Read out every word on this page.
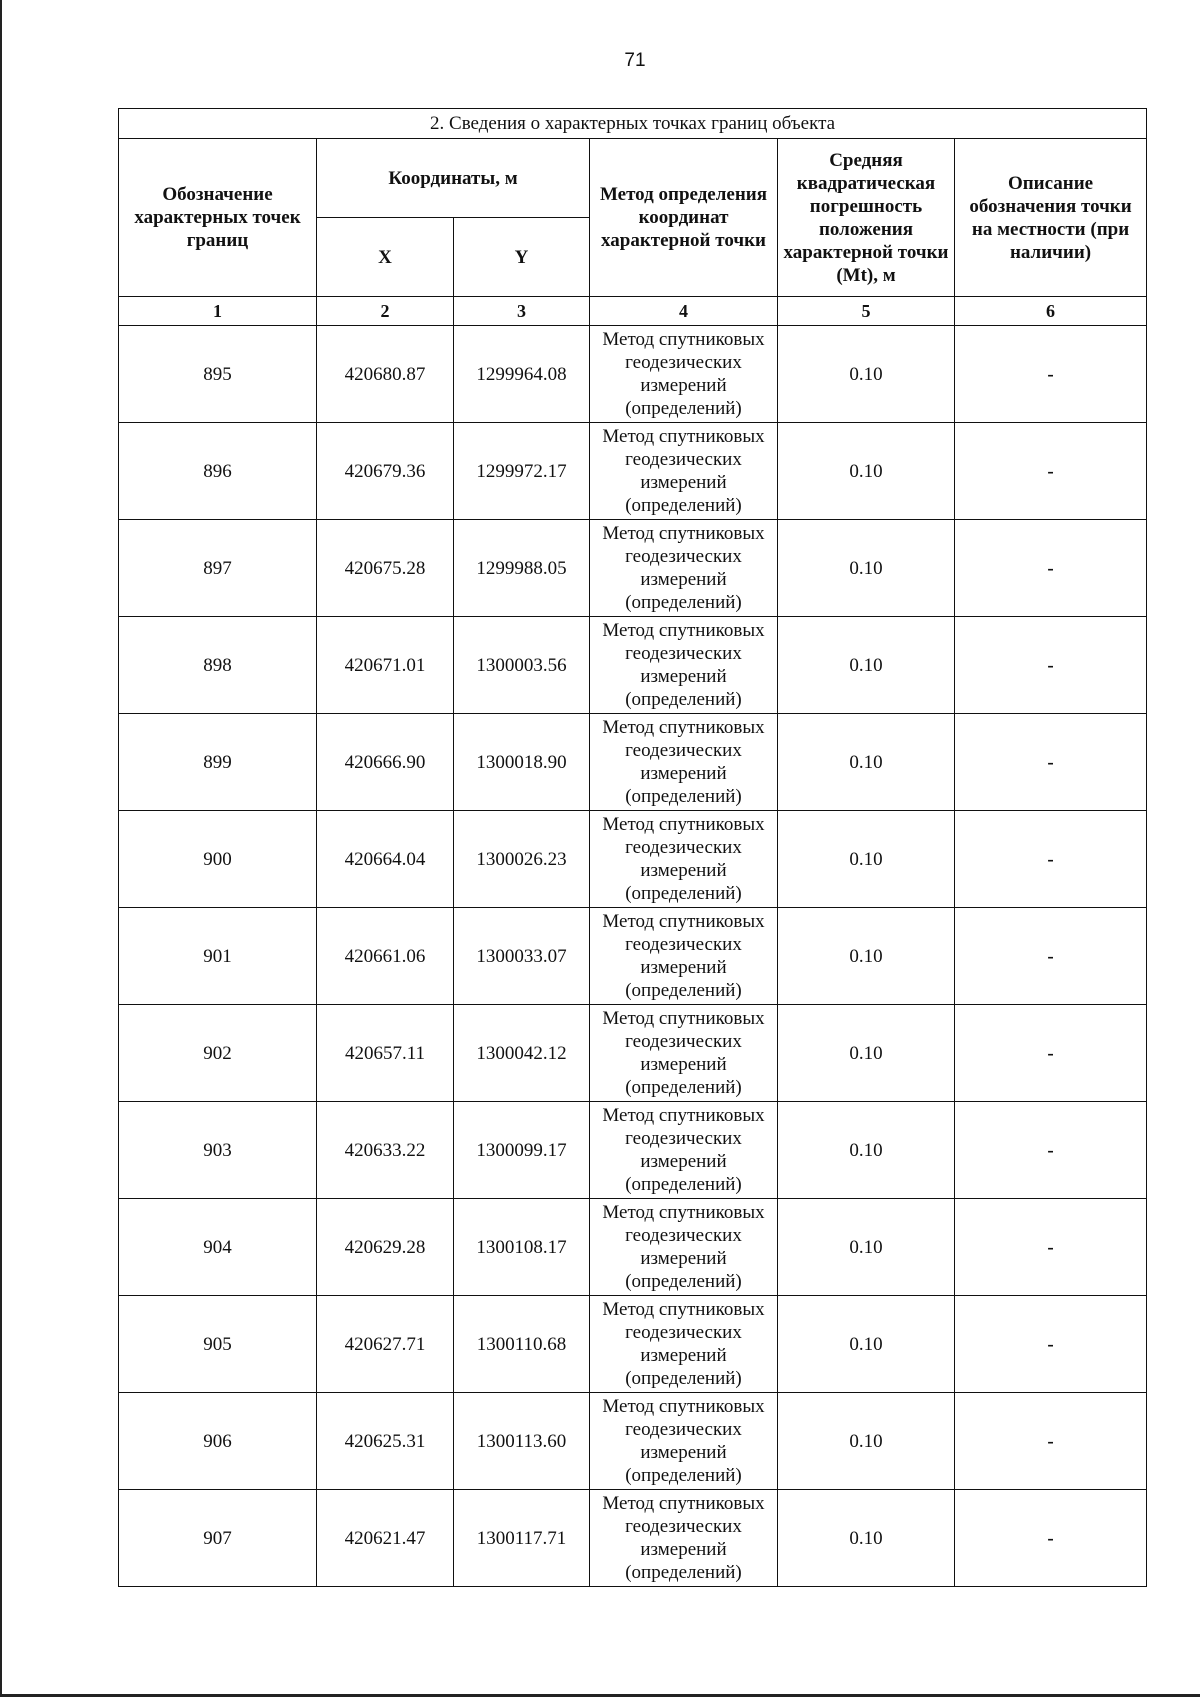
71
2. Сведения о характерных точках границ объекта					
Обозначение характерных точек границ	Координаты, м		Метод определения координат характерной точки	Средняя квадратическая погрешность положения характерной точки (Mt), м	Описание обозначения точки на местности (при наличии)
	X	Y			
1	2	3	4	5	6
895	420680.87	1299964.08	Метод спутниковых геодезических измерений (определений)	0.10	-
896	420679.36	1299972.17	Метод спутниковых геодезических измерений (определений)	0.10	-
897	420675.28	1299988.05	Метод спутниковых геодезических измерений (определений)	0.10	-
898	420671.01	1300003.56	Метод спутниковых геодезических измерений (определений)	0.10	-
899	420666.90	1300018.90	Метод спутниковых геодезических измерений (определений)	0.10	-
900	420664.04	1300026.23	Метод спутниковых геодезических измерений (определений)	0.10	-
901	420661.06	1300033.07	Метод спутниковых геодезических измерений (определений)	0.10	-
902	420657.11	1300042.12	Метод спутниковых геодезических измерений (определений)	0.10	-
903	420633.22	1300099.17	Метод спутниковых геодезических измерений (определений)	0.10	-
904	420629.28	1300108.17	Метод спутниковых геодезических измерений (определений)	0.10	-
905	420627.71	1300110.68	Метод спутниковых геодезических измерений (определений)	0.10	-
906	420625.31	1300113.60	Метод спутниковых геодезических измерений (определений)	0.10	-
907	420621.47	1300117.71	Метод спутниковых геодезических измерений (определений)	0.10	-
